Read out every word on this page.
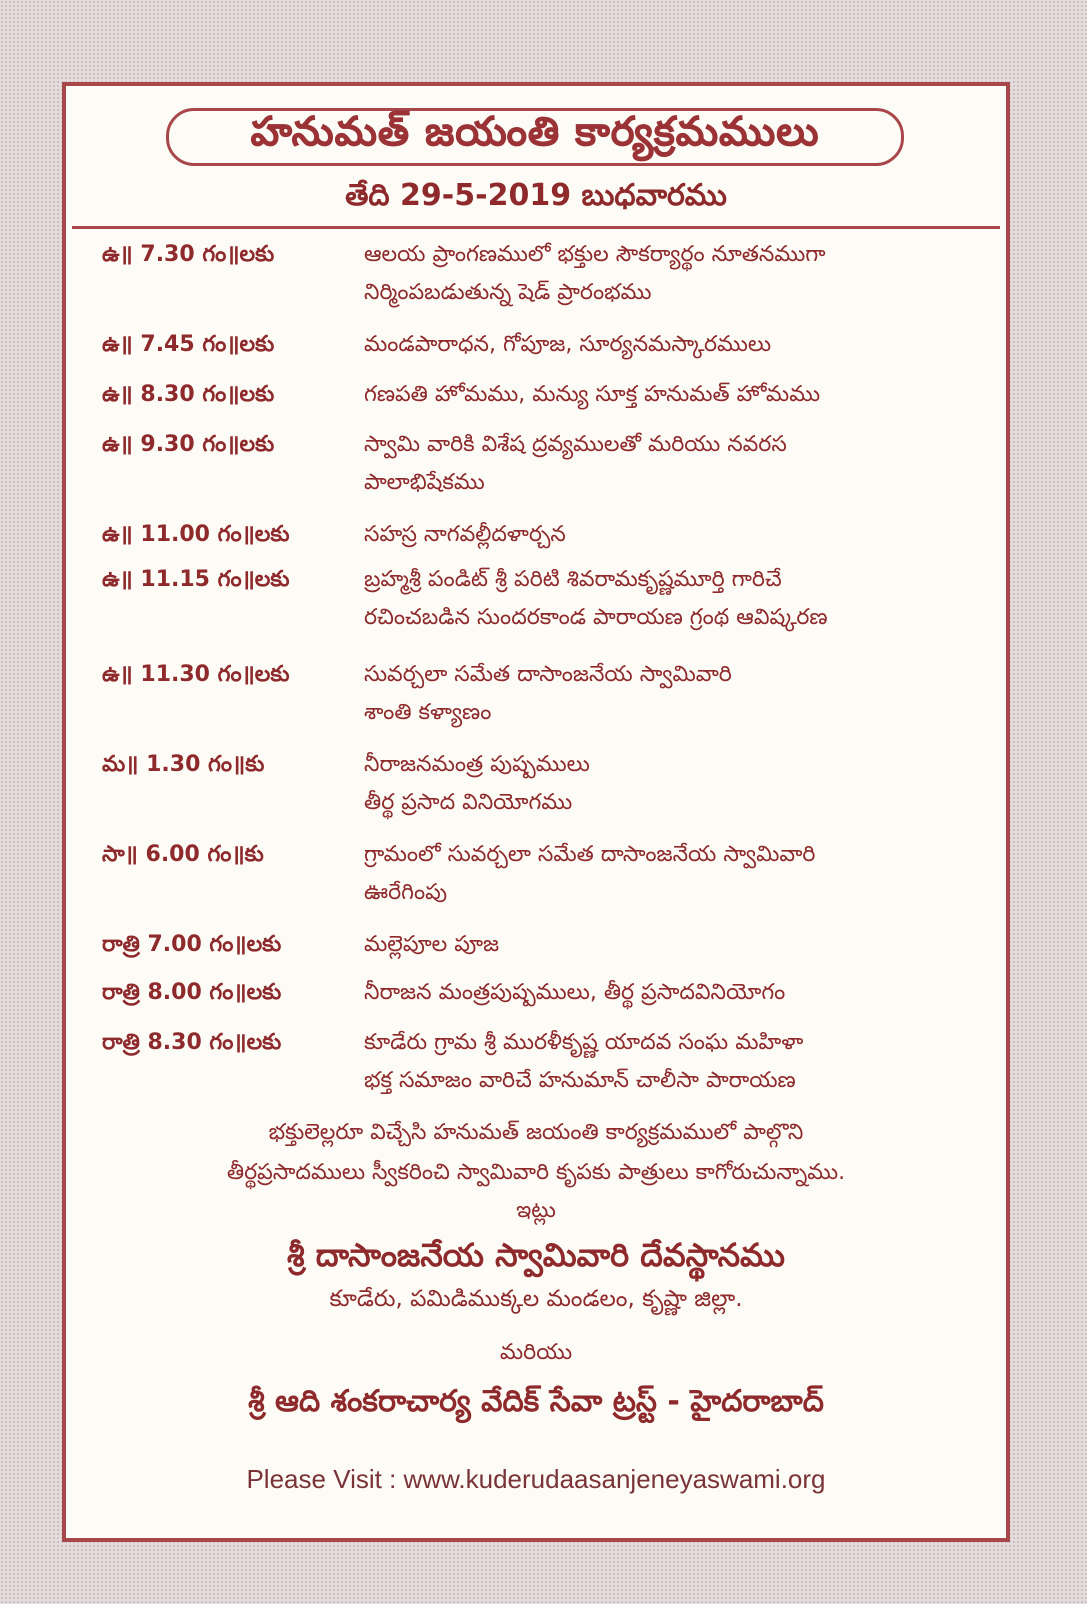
హనుమత్ జయంతి కార్యక్రమములు
తేది 29-5-2019 బుధవారము
ఉ॥ 7.30 గం॥లకు	ఆలయ ప్రాంగణములో భక్తుల సౌకర్యార్థం నూతనముగా
నిర్మింపబడుతున్న షెడ్ ప్రారంభము
ఉ॥ 7.45 గం॥లకు	మండపారాధన, గోపూజ, సూర్యనమస్కారములు
ఉ॥ 8.30 గం॥లకు	గణపతి హోమము, మన్యు సూక్త హనుమత్ హోమము
ఉ॥ 9.30 గం॥లకు	స్వామి వారికి విశేష ద్రవ్యములతో మరియు నవరస
పాలాభిషేకము
ఉ॥ 11.00 గం॥లకు	సహస్ర నాగవల్లీదళార్చన
ఉ॥ 11.15 గం॥లకు	బ్రహ్మశ్రీ పండిట్ శ్రీ పరిటి శివరామకృష్ణమూర్తి గారిచే
రచించబడిన సుందరకాండ పారాయణ గ్రంథ ఆవిష్కరణ
ఉ॥ 11.30 గం॥లకు	సువర్చలా సమేత దాసాంజనేయ స్వామివారి
శాంతి కళ్యాణం
మ॥ 1.30 గం॥కు	నీరాజనమంత్ర పుష్పములు
తీర్థ ప్రసాద వినియోగము
సా॥ 6.00 గం॥కు	గ్రామంలో సువర్చలా సమేత దాసాంజనేయ స్వామివారి
ఊరేగింపు
రాత్రి 7.00 గం॥లకు	మల్లెపూల పూజ
రాత్రి 8.00 గం॥లకు	నీరాజన మంత్రపుష్పములు, తీర్థ ప్రసాదవినియోగం
రాత్రి 8.30 గం॥లకు	కూడేరు గ్రామ శ్రీ మురళీకృష్ణ యాదవ సంఘ మహిళా
భక్త సమాజం వారిచే హనుమాన్ చాలీసా పారాయణ
భక్తులెల్లరూ విచ్చేసి హనుమత్ జయంతి కార్యక్రమములో పాల్గొని
తీర్థప్రసాదములు స్వీకరించి స్వామివారి కృపకు పాత్రులు కాగోరుచున్నాము.
ఇట్లు
శ్రీ దాసాంజనేయ స్వామివారి దేవస్థానము
కూడేరు, పమిడిముక్కల మండలం, కృష్ణా జిల్లా.
మరియు
శ్రీ ఆది శంకరాచార్య వేదిక్ సేవా ట్రస్ట్ - హైదరాబాద్
Please Visit : www.kuderudaasanjeneyaswami.org
